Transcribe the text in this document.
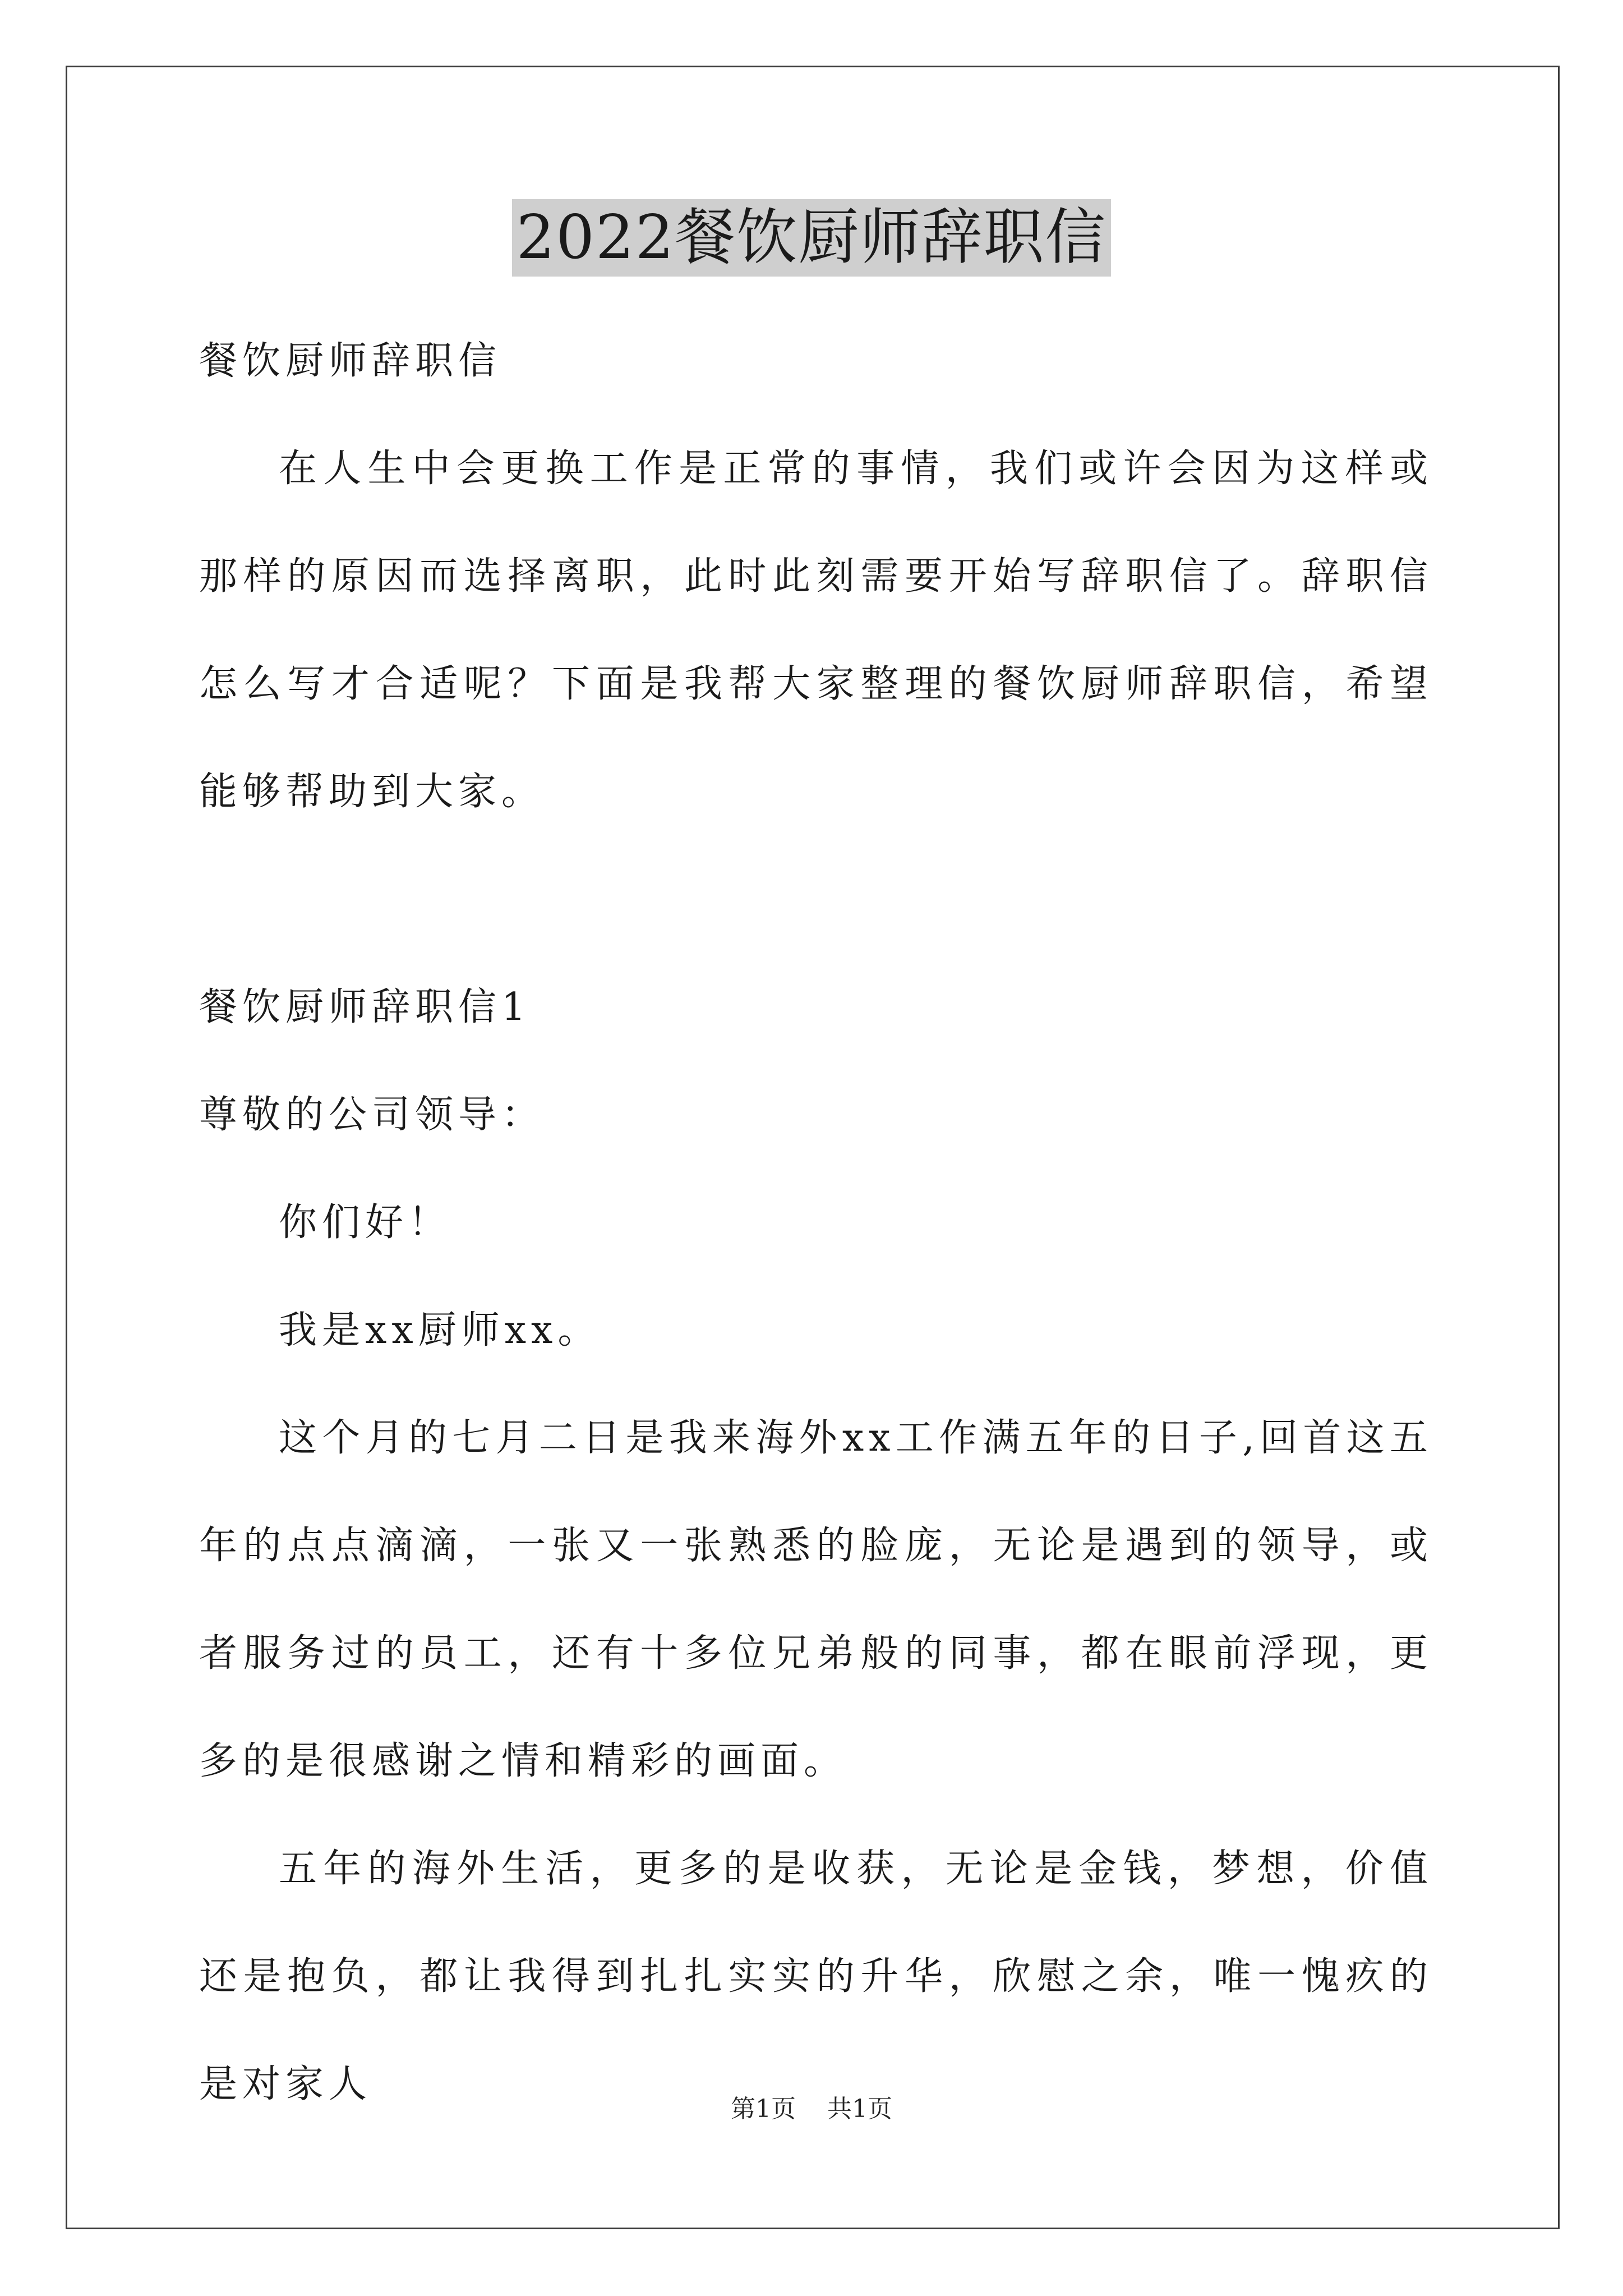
2022餐饮厨师辞职信

餐饮厨师辞职信

在人生中会更换工作是正常的事情，我们或许会因为这样或那样的原因而选择离职，此时此刻需要开始写辞职信了。辞职信怎么写才合适呢？下面是我帮大家整理的餐饮厨师辞职信，希望能够帮助到大家。

餐饮厨师辞职信1

尊敬的公司领导：

你们好！

我是xx厨师xx。

这个月的七月二日是我来海外xx工作满五年的日子,回首这五年的点点滴滴，一张又一张熟悉的脸庞，无论是遇到的领导，或者服务过的员工，还有十多位兄弟般的同事，都在眼前浮现，更多的是很感谢之情和精彩的画面。

五年的海外生活，更多的是收获，无论是金钱，梦想，价值还是抱负，都让我得到扎扎实实的升华，欣慰之余，唯一愧疚的是对家人

第1页 共1页
